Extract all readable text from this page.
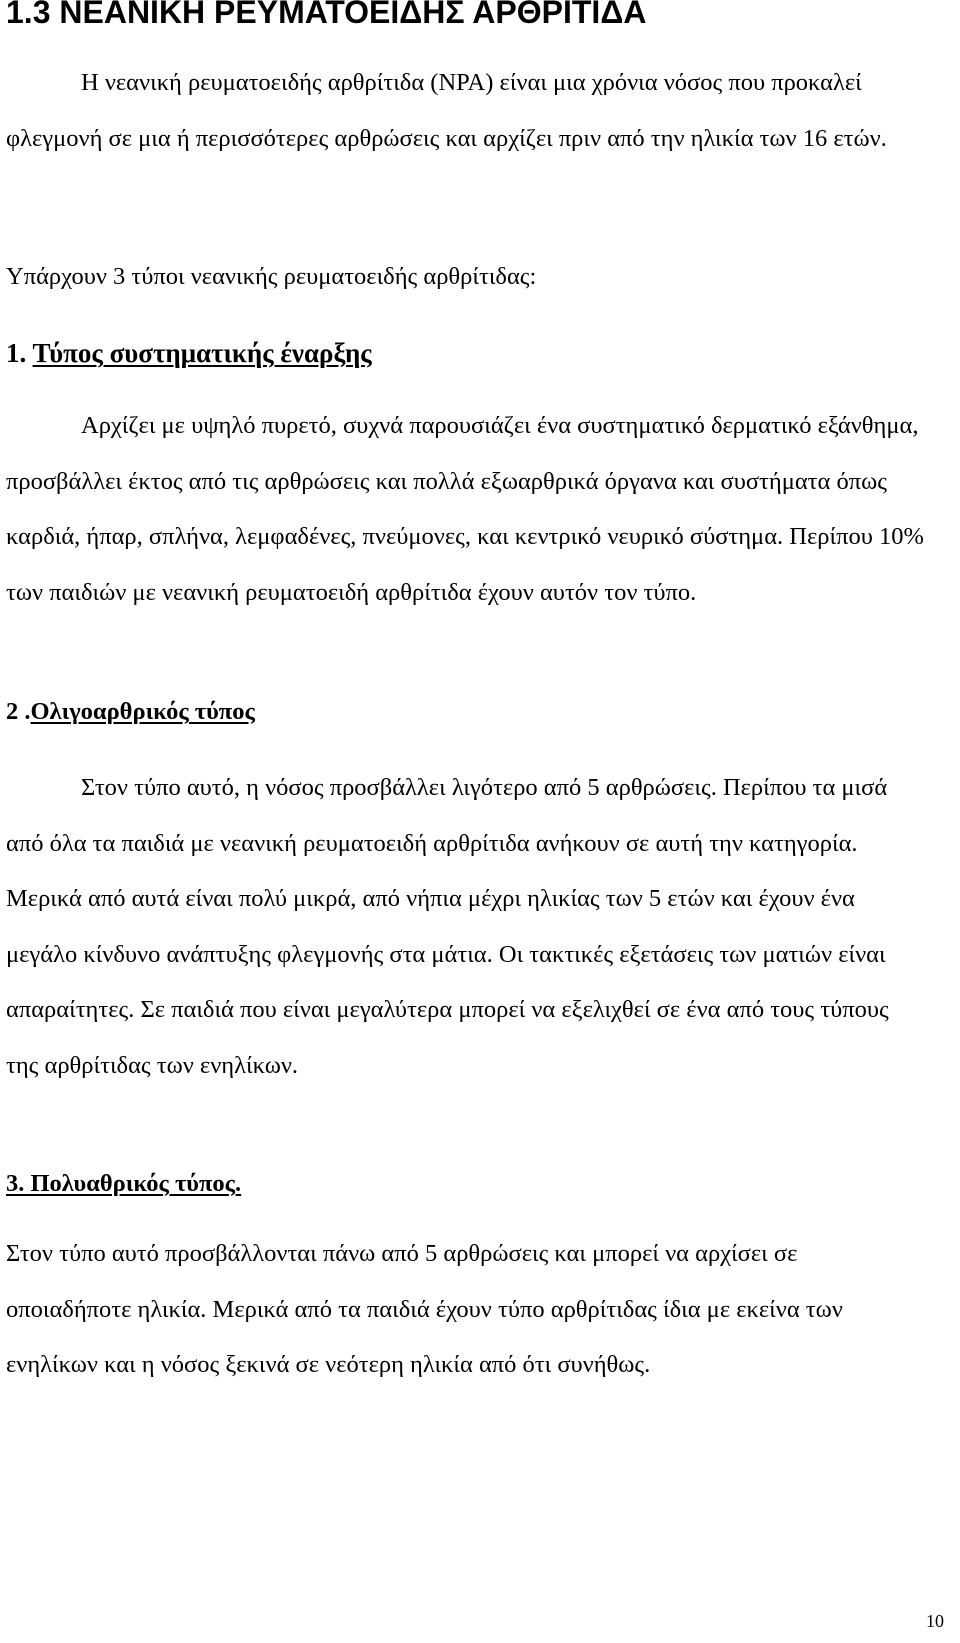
1.3 ΝΕΑΝΙΚΗ ΡΕΥΜΑΤΟΕΙΔΗΣ ΑΡΘΡΙΤΙΔΑ

Η νεανική ρευματοειδής αρθρίτιδα (ΝΡΑ) είναι μια χρόνια νόσος που προκαλεί φλεγμονή σε μια ή περισσότερες αρθρώσεις και αρχίζει πριν από την ηλικία των 16 ετών.

Υπάρχουν 3 τύποι νεανικής ρευματοειδής αρθρίτιδας:

1. Τύπος συστηματικής έναρξης

Αρχίζει με υψηλό πυρετό, συχνά παρουσιάζει ένα συστηματικό δερματικό εξάνθημα, προσβάλλει έκτος από τις αρθρώσεις και πολλά εξωαρθρικά όργανα και συστήματα όπως καρδιά, ήπαρ, σπλήνα, λεμφαδένες, πνεύμονες, και κεντρικό νευρικό σύστημα. Περίπου 10% των παιδιών με νεανική ρευματοειδή αρθρίτιδα έχουν αυτόν τον τύπο.

2 .Ολιγοαρθρικός τύπος

Στον τύπο αυτό, η νόσος προσβάλλει λιγότερο από 5 αρθρώσεις. Περίπου τα μισά από όλα τα παιδιά με νεανική ρευματοειδή αρθρίτιδα ανήκουν σε αυτή την κατηγορία. Μερικά από αυτά είναι πολύ μικρά, από νήπια μέχρι ηλικίας των 5 ετών και έχουν ένα μεγάλο κίνδυνο ανάπτυξης φλεγμονής στα μάτια. Οι τακτικές εξετάσεις των ματιών είναι απαραίτητες. Σε παιδιά που είναι μεγαλύτερα μπορεί να εξελιχθεί σε ένα από τους τύπους της αρθρίτιδας των ενηλίκων.

3. Πολυαθρικός τύπος.

Στον τύπο αυτό προσβάλλονται πάνω από 5 αρθρώσεις και μπορεί να αρχίσει σε οποιαδήποτε ηλικία. Μερικά από τα παιδιά έχουν τύπο αρθρίτιδας ίδια με εκείνα των ενηλίκων και η νόσος ξεκινά σε νεότερη ηλικία από ότι συνήθως.

10
